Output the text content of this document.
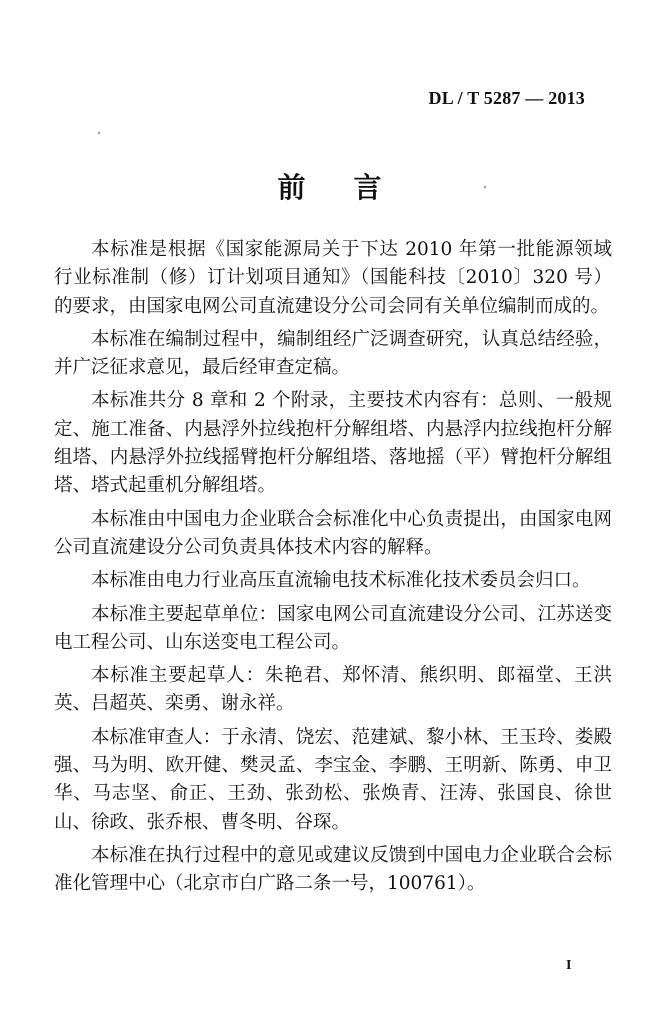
DL / T 5287 — 2013
前言

本标准是根据《国家能源局关于下达 2010 年第一批能源领域行业标准制（修）订计划项目通知》（国能科技〔2010〕320 号）的要求，由国家电网公司直流建设分公司会同有关单位编制而成的。

本标准在编制过程中，编制组经广泛调查研究，认真总结经验，并广泛征求意见，最后经审查定稿。

本标准共分 8 章和 2 个附录，主要技术内容有：总则、一般规定、施工准备、内悬浮外拉线抱杆分解组塔、内悬浮内拉线抱杆分解组塔、内悬浮外拉线摇臂抱杆分解组塔、落地摇（平）臂抱杆分解组塔、塔式起重机分解组塔。

本标准由中国电力企业联合会标准化中心负责提出，由国家电网公司直流建设分公司负责具体技术内容的解释。

本标准由电力行业高压直流输电技术标准化技术委员会归口。

本标准主要起草单位：国家电网公司直流建设分公司、江苏送变电工程公司、山东送变电工程公司。

本标准主要起草人：朱艳君、郑怀清、熊织明、郎福堂、王洪英、吕超英、栾勇、谢永祥。

本标准审查人：于永清、饶宏、范建斌、黎小林、王玉玲、娄殿强、马为明、欧开健、樊灵孟、李宝金、李鹏、王明新、陈勇、申卫华、马志坚、俞正、王劲、张劲松、张焕青、汪涛、张国良、徐世山、徐政、张乔根、曹冬明、谷琛。

本标准在执行过程中的意见或建议反馈到中国电力企业联合会标准化管理中心（北京市白广路二条一号，100761）。

I
